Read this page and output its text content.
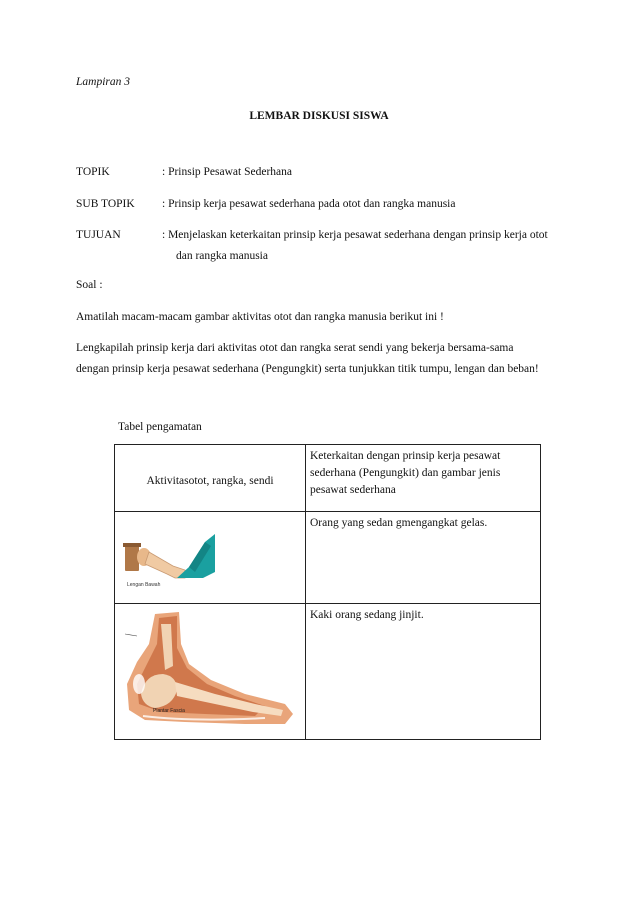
Lampiran 3
LEMBAR DISKUSI SISWA
TOPIK	: Prinsip Pesawat Sederhana
SUB TOPIK : Prinsip kerja pesawat sederhana pada otot dan rangka manusia
TUJUAN	: Menjelaskan keterkaitan prinsip kerja pesawat sederhana dengan prinsip kerja otot
dan rangka manusia
Soal :
Amatilah macam-macam gambar aktivitas otot dan rangka manusia berikut ini !
Lengkapilah prinsip kerja dari aktivitas otot dan rangka serat sendi yang bekerja bersama-sama
dengan prinsip kerja pesawat sederhana (Pengungkit) serta tunjukkan titik tumpu, lengan dan beban!
Tabel pengamatan
Aktivitasotot, rangka, sendi	Keterkaitan dengan prinsip kerja pesawat sederhana (Pengungkit) dan gambar jenis pesawat sederhana

Lengan Bawah	Orang yang sedan gmengangkat gelas.

Plantar Fascia	Kaki orang sedang jinjit.
